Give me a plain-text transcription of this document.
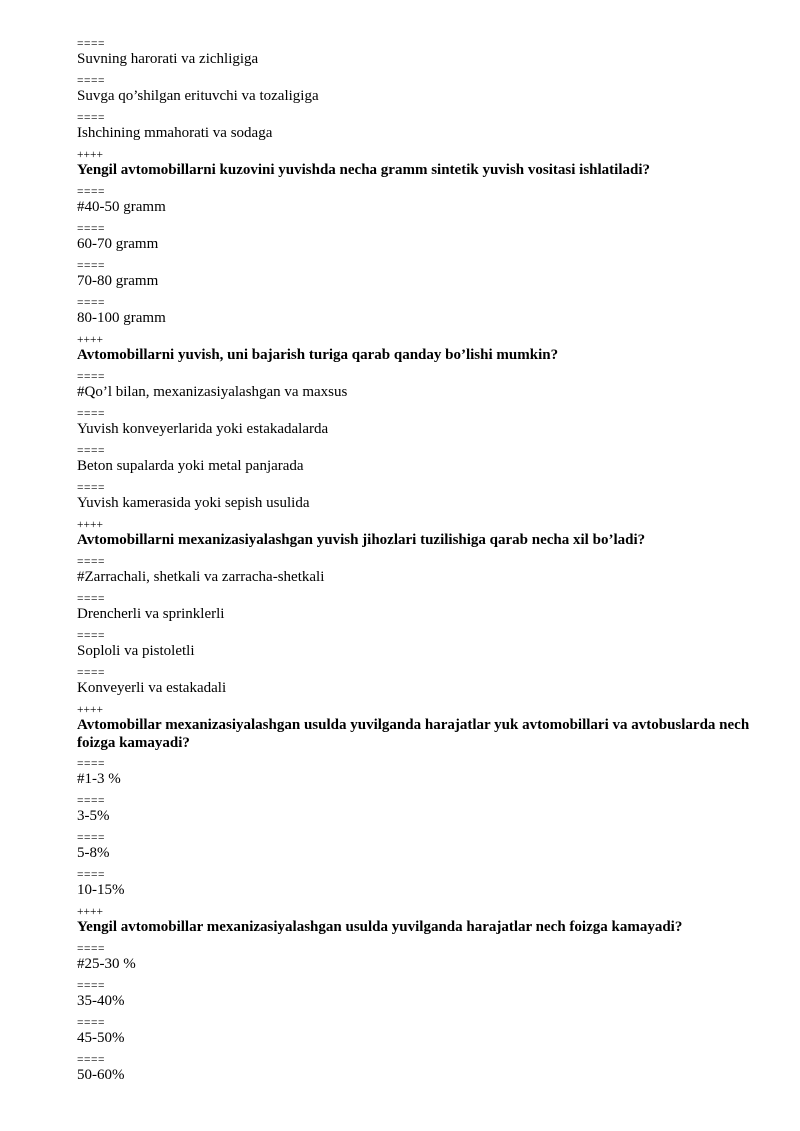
====
Suvning harorati va zichligiga
====
Suvga qo’shilgan erituvchi va tozaligiga
====
Ishchining mmahorati va sodaga
++++
Yengil avtomobillarni kuzovini yuvishda necha gramm sintetik yuvish vositasi ishlatiladi?
====
#40-50 gramm
====
60-70 gramm
====
70-80 gramm
====
80-100 gramm
++++
Avtomobillarni yuvish, uni bajarish turiga qarab qanday bo’lishi mumkin?
====
#Qo’l bilan, mexanizasiyalashgan va maxsus
====
Yuvish konveyerlarida yoki estakadalarda
====
Beton supalarda yoki metal panjarada
====
Yuvish kamerasida yoki sepish usulida
++++
Avtomobillarni mexanizasiyalashgan yuvish jihozlari tuzilishiga qarab necha xil bo’ladi?
====
#Zarrachali, shetkali va zarracha-shetkali
====
Drencherli va sprinklerli
====
Soploli va pistoletli
====
Konveyerli va estakadali
++++
Avtomobillar mexanizasiyalashgan usulda yuvilganda harajatlar yuk avtomobillari va avtobuslarda nech foizga kamayadi?
====
#1-3 %
====
3-5%
====
5-8%
====
10-15%
++++
Yengil avtomobillar mexanizasiyalashgan usulda yuvilganda harajatlar nech foizga kamayadi?
====
#25-30 %
====
35-40%
====
45-50%
====
50-60%
